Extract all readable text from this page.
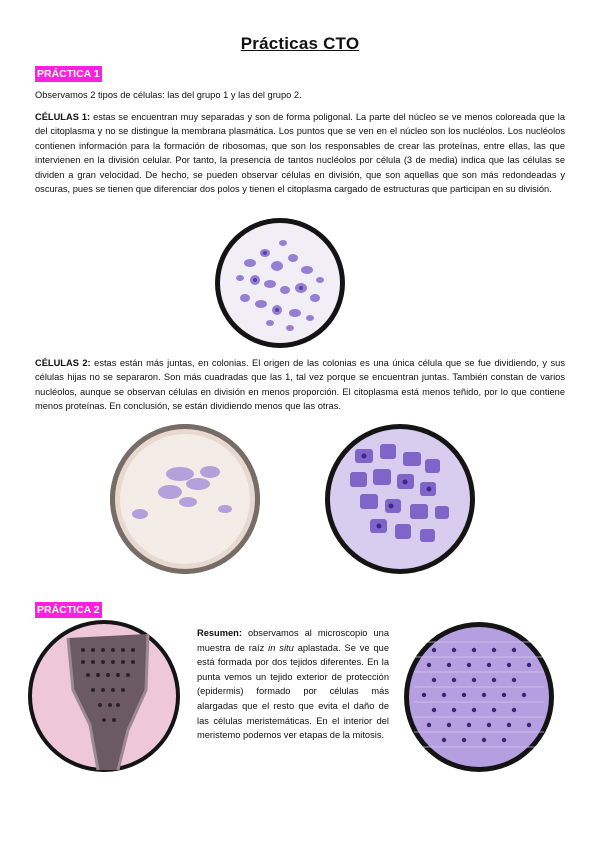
Prácticas CTO
PRÁCTICA 1
Observamos 2 tipos de células: las del grupo 1 y las del grupo 2.
CÉLULAS 1: estas se encuentran muy separadas y son de forma poligonal. La parte del núcleo se ve menos coloreada que la del citoplasma y no se distingue la membrana plasmática. Los puntos que se ven en el núcleo son los nucléolos. Los nucléolos contienen información para la formación de ribosomas, que son los responsables de crear las proteínas, entre ellas, las que intervienen en la división celular. Por tanto, la presencia de tantos nucléolos por célula (3 de media) indica que las células se dividen a gran velocidad. De hecho, se pueden observar células en división, que son aquellas que son más redondeadas y oscuras, pues se tienen que diferenciar dos polos y tienen el citoplasma cargado de estructuras que participan en su división.
CÉLULAS 2: estas están más juntas, en colonias. El origen de las colonias es una única célula que se fue dividiendo, y sus células hijas no se separaron. Son más cuadradas que las 1, tal vez porque se encuentran juntas. También constan de varios nucléolos, aunque se observan células en división en menos proporción. El citoplasma está menos teñido, por lo que contiene menos proteínas. En conclusión, se están dividiendo menos que las otras.
PRÁCTICA 2
Resumen: observamos al microscopio una muestra de raíz in situ aplastada. Se ve que está formada por dos tejidos diferentes. En la punta vemos un tejido exterior de protección (epidermis) formado por células más alargadas que el resto que evita el daño de las células meristemáticas. En el interior del meristemo podemos ver etapas de la mitosis.
